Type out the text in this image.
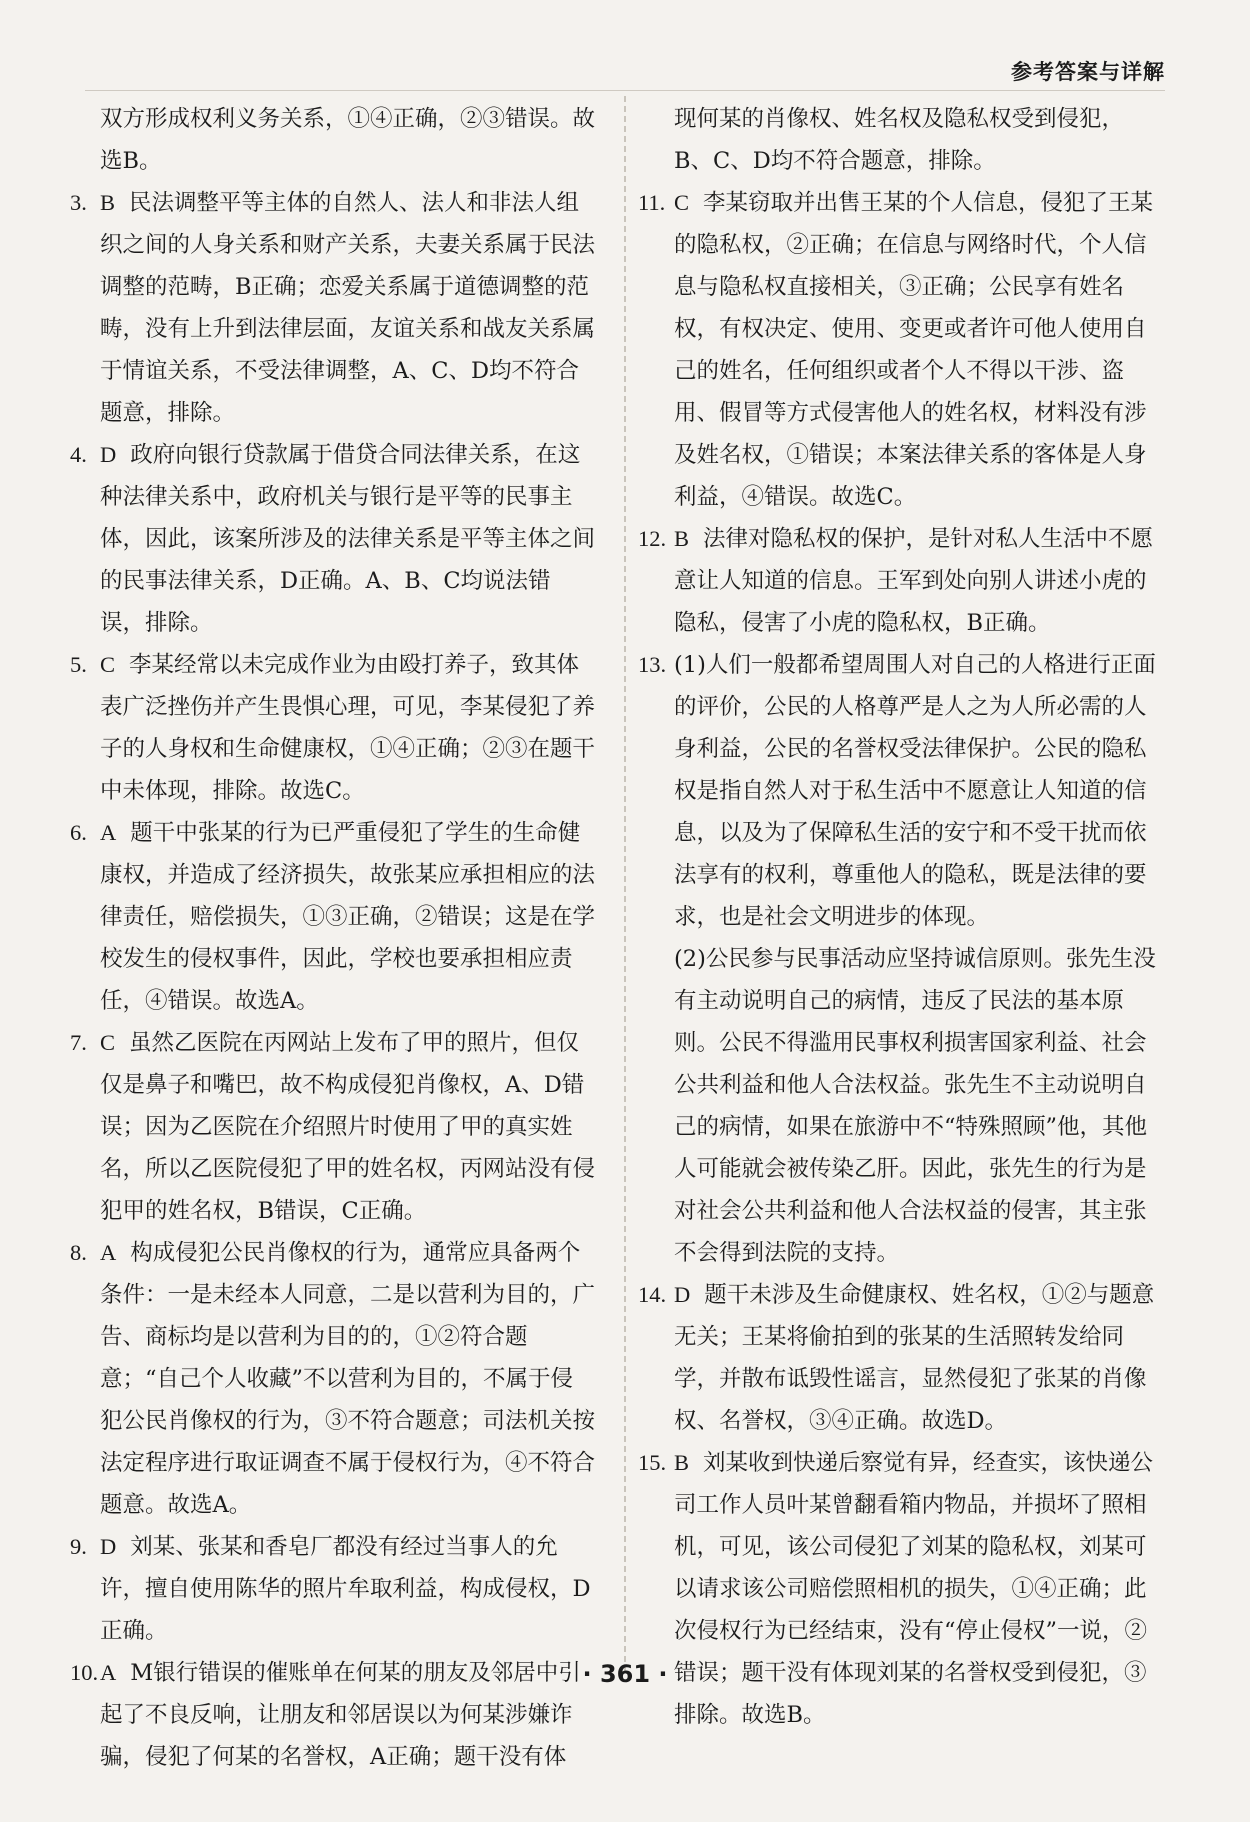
参考答案与详解

双方形成权利义务关系，①④正确，②③错误。故选B。

3. B 民法调整平等主体的自然人、法人和非法人组织之间的人身关系和财产关系，夫妻关系属于民法调整的范畴，B正确；恋爱关系属于道德调整的范畴，没有上升到法律层面，友谊关系和战友关系属于情谊关系，不受法律调整，A、C、D均不符合题意，排除。

4. D 政府向银行贷款属于借贷合同法律关系，在这种法律关系中，政府机关与银行是平等的民事主体，因此，该案所涉及的法律关系是平等主体之间的民事法律关系，D正确。A、B、C均说法错误，排除。

5. C 李某经常以未完成作业为由殴打养子，致其体表广泛挫伤并产生畏惧心理，可见，李某侵犯了养子的人身权和生命健康权，①④正确；②③在题干中未体现，排除。故选C。

6. A 题干中张某的行为已严重侵犯了学生的生命健康权，并造成了经济损失，故张某应承担相应的法律责任，赔偿损失，①③正确，②错误；这是在学校发生的侵权事件，因此，学校也要承担相应责任，④错误。故选A。

7. C 虽然乙医院在丙网站上发布了甲的照片，但仅仅是鼻子和嘴巴，故不构成侵犯肖像权，A、D错误；因为乙医院在介绍照片时使用了甲的真实姓名，所以乙医院侵犯了甲的姓名权，丙网站没有侵犯甲的姓名权，B错误，C正确。

8. A 构成侵犯公民肖像权的行为，通常应具备两个条件：一是未经本人同意，二是以营利为目的，广告、商标均是以营利为目的的，①②符合题意；“自己个人收藏”不以营利为目的，不属于侵犯公民肖像权的行为，③不符合题意；司法机关按法定程序进行取证调查不属于侵权行为，④不符合题意。故选A。

9. D 刘某、张某和香皂厂都没有经过当事人的允许，擅自使用陈华的照片牟取利益，构成侵权，D正确。

10. A M银行错误的催账单在何某的朋友及邻居中引起了不良反响，让朋友和邻居误以为何某涉嫌诈骗，侵犯了何某的名誉权，A正确；题干没有体

现何某的肖像权、姓名权及隐私权受到侵犯，B、C、D均不符合题意，排除。

11. C 李某窃取并出售王某的个人信息，侵犯了王某的隐私权，②正确；在信息与网络时代，个人信息与隐私权直接相关，③正确；公民享有姓名权，有权决定、使用、变更或者许可他人使用自己的姓名，任何组织或者个人不得以干涉、盗用、假冒等方式侵害他人的姓名权，材料没有涉及姓名权，①错误；本案法律关系的客体是人身利益，④错误。故选C。

12. B 法律对隐私权的保护，是针对私人生活中不愿意让人知道的信息。王军到处向别人讲述小虎的隐私，侵害了小虎的隐私权，B正确。

13. (1)人们一般都希望周围人对自己的人格进行正面的评价，公民的人格尊严是人之为人所必需的人身利益，公民的名誉权受法律保护。公民的隐私权是指自然人对于私生活中不愿意让人知道的信息，以及为了保障私生活的安宁和不受干扰而依法享有的权利，尊重他人的隐私，既是法律的要求，也是社会文明进步的体现。

(2)公民参与民事活动应坚持诚信原则。张先生没有主动说明自己的病情，违反了民法的基本原则。公民不得滥用民事权利损害国家利益、社会公共利益和他人合法权益。张先生不主动说明自己的病情，如果在旅游中不“特殊照顾”他，其他人可能就会被传染乙肝。因此，张先生的行为是对社会公共利益和他人合法权益的侵害，其主张不会得到法院的支持。

14. D 题干未涉及生命健康权、姓名权，①②与题意无关；王某将偷拍到的张某的生活照转发给同学，并散布诋毁性谣言，显然侵犯了张某的肖像权、名誉权，③④正确。故选D。

15. B 刘某收到快递后察觉有异，经查实，该快递公司工作人员叶某曾翻看箱内物品，并损坏了照相机，可见，该公司侵犯了刘某的隐私权，刘某可以请求该公司赔偿照相机的损失，①④正确；此次侵权行为已经结束，没有“停止侵权”一说，②错误；题干没有体现刘某的名誉权受到侵犯，③排除。故选B。

· 361 ·
